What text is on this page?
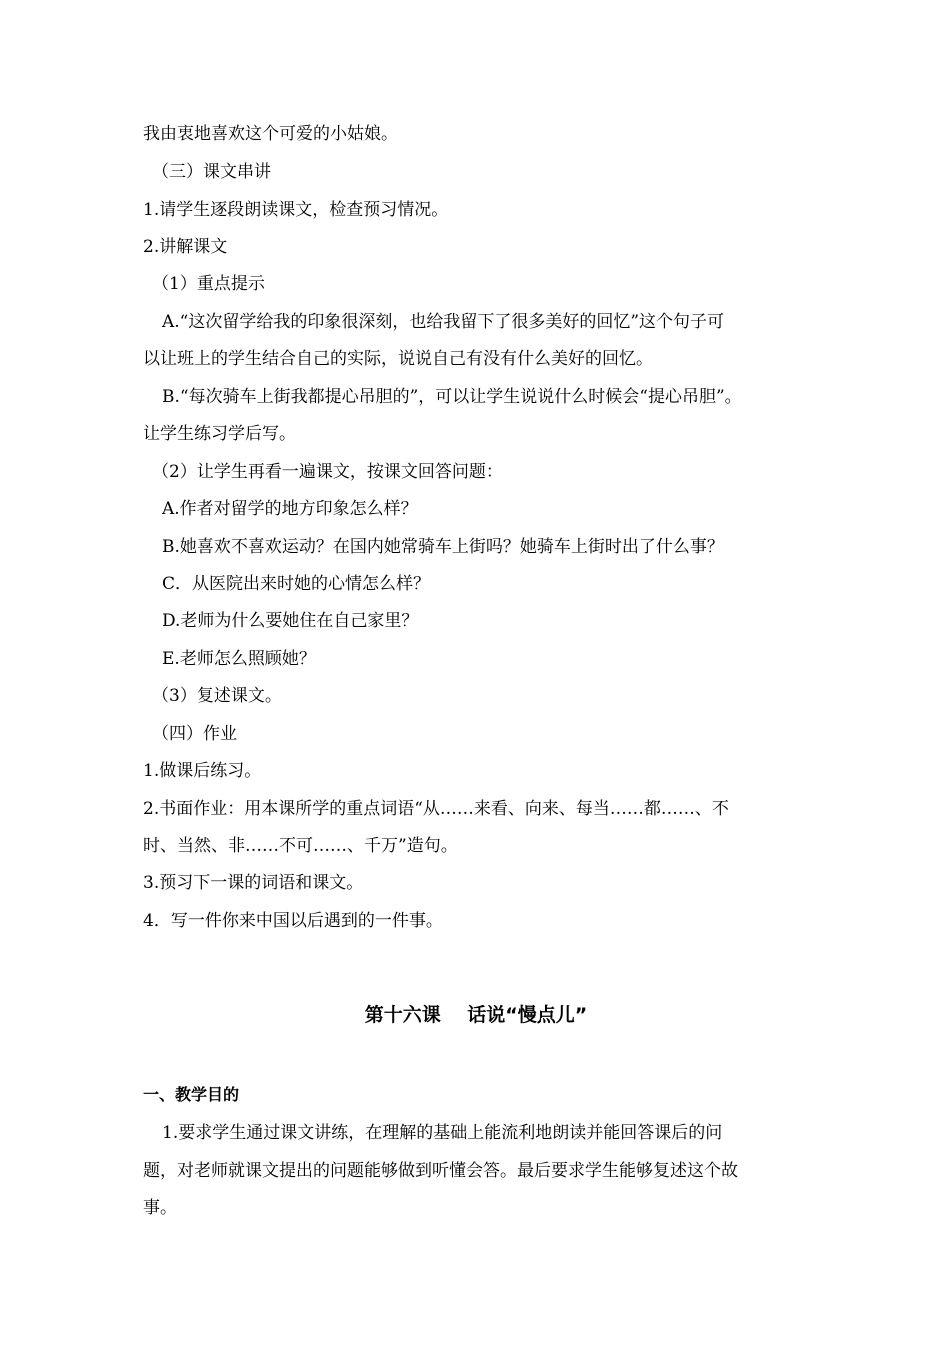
我由衷地喜欢这个可爱的小姑娘。
（三）课文串讲
1.请学生逐段朗读课文，检查预习情况。
2.讲解课文
（1）重点提示
A.“这次留学给我的印象很深刻，也给我留下了很多美好的回忆”这个句子可
以让班上的学生结合自己的实际，说说自己有没有什么美好的回忆。
B.“每次骑车上街我都提心吊胆的”，可以让学生说说什么时候会“提心吊胆”。
让学生练习学后写。
（2）让学生再看一遍课文，按课文回答问题：
A.作者对留学的地方印象怎么样？
B.她喜欢不喜欢运动？在国内她常骑车上街吗？她骑车上街时出了什么事？
C．从医院出来时她的心情怎么样？
D.老师为什么要她住在自己家里？
E.老师怎么照顾她？
（3）复述课文。
（四）作业
1.做课后练习。
2.书面作业：用本课所学的重点词语“从……来看、向来、每当……都……、不
时、当然、非……不可……、千万”造句。
3.预习下一课的词语和课文。
4．写一件你来中国以后遇到的一件事。
第十六课    话说“慢点儿”
一、教学目的
1.要求学生通过课文讲练，在理解的基础上能流利地朗读并能回答课后的问
题，对老师就课文提出的问题能够做到听懂会答。最后要求学生能够复述这个故
事。
